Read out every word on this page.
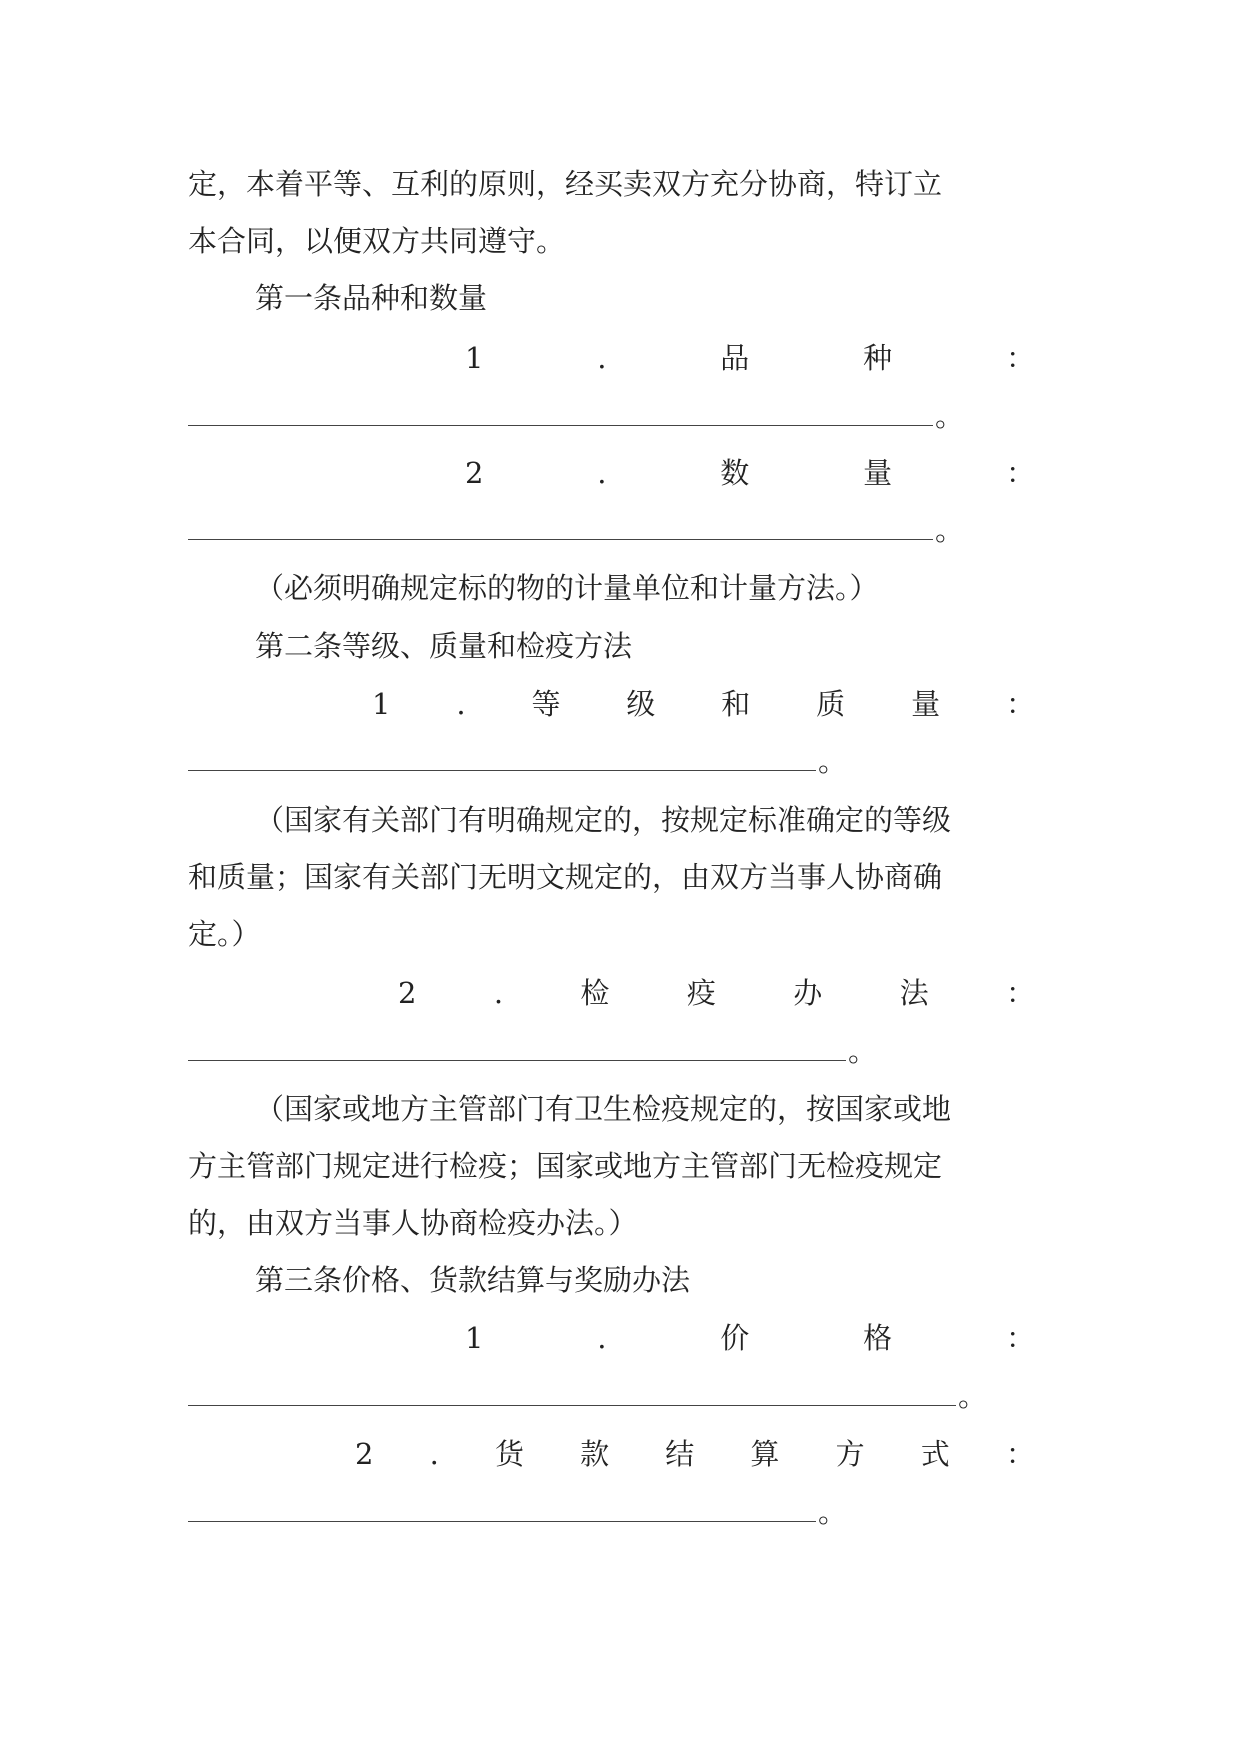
定，本着平等、互利的原则，经买卖双方充分协商，特订立
本合同，以便双方共同遵守。
第一条品种和数量
1	.	品	种	：
。
2	.	数	量	：
。
（必须明确规定标的物的计量单位和计量方法。）
第二条等级、质量和检疫方法
1 . 等 级 和 质 量 ：
。
（国家有关部门有明确规定的，按规定标准确定的等级
和质量；国家有关部门无明文规定的，由双方当事人协商确
定。）
2	.	检	疫	办	法	：
。
（国家或地方主管部门有卫生检疫规定的，按国家或地
方主管部门规定进行检疫；国家或地方主管部门无检疫规定
的，由双方当事人协商检疫办法。）
第三条价格、货款结算与奖励办法
1	.	价	格	：
。
2 . 货 款 结 算 方 式 ：
。
